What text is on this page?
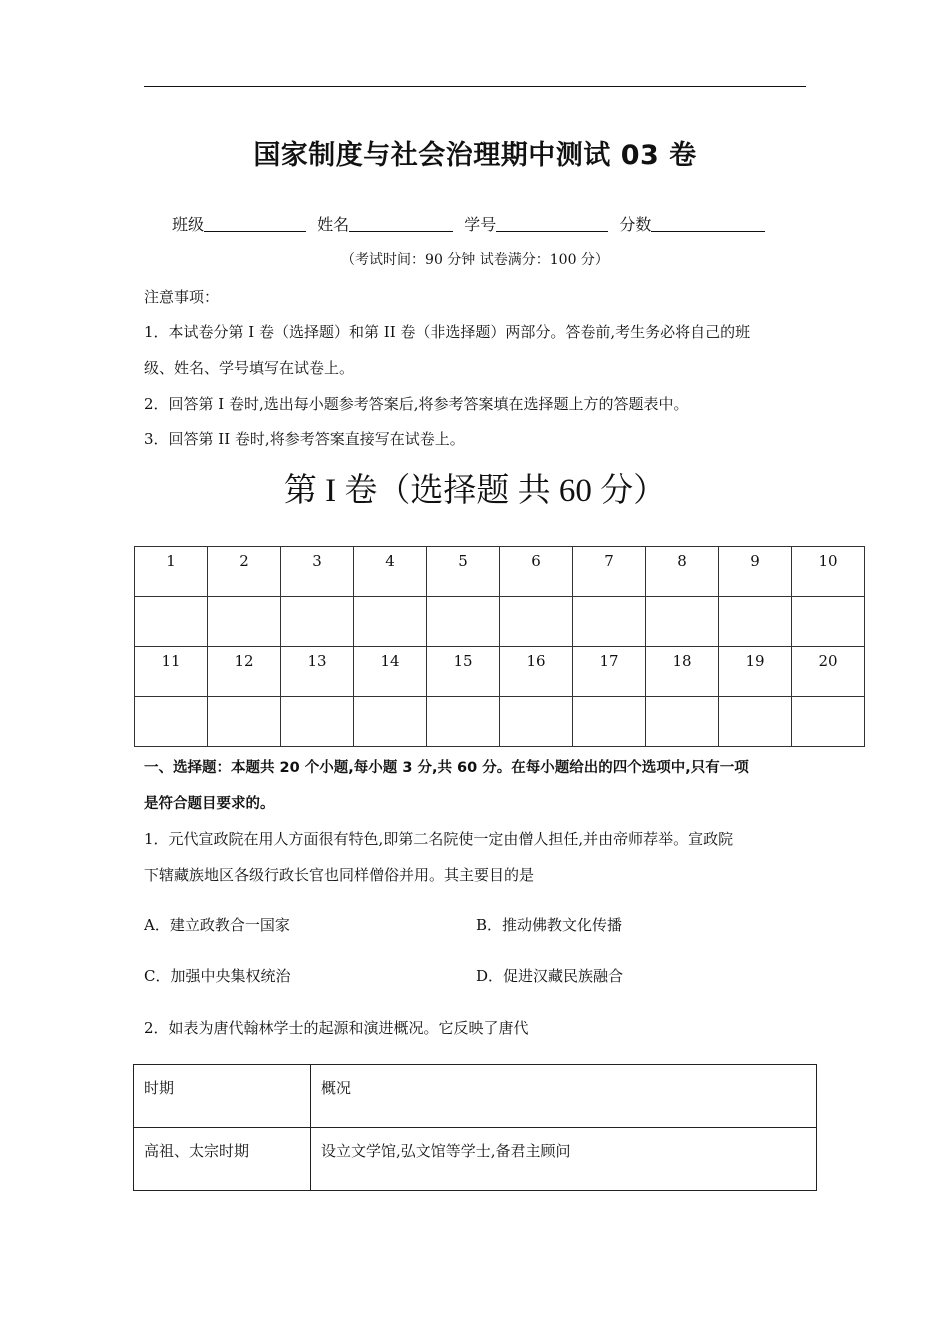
国家制度与社会治理期中测试 03 卷
班级	姓名	学号	分数
（考试时间：90 分钟 试卷满分：100 分）
注意事项：
1．本试卷分第 I 卷（选择题）和第 II 卷（非选择题）两部分。答卷前,考生务必将自己的班
级、姓名、学号填写在试卷上。
2．回答第 I 卷时,选出每小题参考答案后,将参考答案填在选择题上方的答题表中。
3．回答第 II 卷时,将参考答案直接写在试卷上。
第 I 卷（选择题 共 60 分）
1	2	3	4	5	6	7	8	9	10

11	12	13	14	15	16	17	18	19	20

一、选择题：本题共 20 个小题,每小题 3 分,共 60 分。在每小题给出的四个选项中,只有一项
是符合题目要求的。
1．元代宣政院在用人方面很有特色,即第二名院使一定由僧人担任,并由帝师荐举。宣政院
下辖藏族地区各级行政长官也同样僧俗并用。其主要目的是
A．建立政教合一国家	B．推动佛教文化传播
C．加强中央集权统治	D．促进汉藏民族融合
2．如表为唐代翰林学士的起源和演进概况。它反映了唐代
时期	概况
高祖、太宗时期	设立文学馆,弘文馆等学士,备君主顾问
